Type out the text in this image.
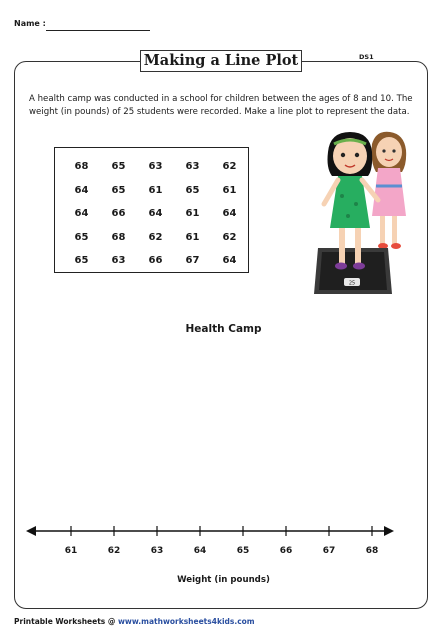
Name :
Making a Line Plot	DS1
A health camp was conducted in a school for children between the ages of 8 and 10. The weight (in pounds) of 25 students were recorded. Make a line plot to represent the data.
68	65	63	63	62
64	65	61	65	61
64	66	64	61	64
65	68	62	61	62
65	63	66	67	64
25
Health Camp
61	62	63	64	65	66	67	68
Weight (in pounds)
Printable Worksheets @ www.mathworksheets4kids.com
